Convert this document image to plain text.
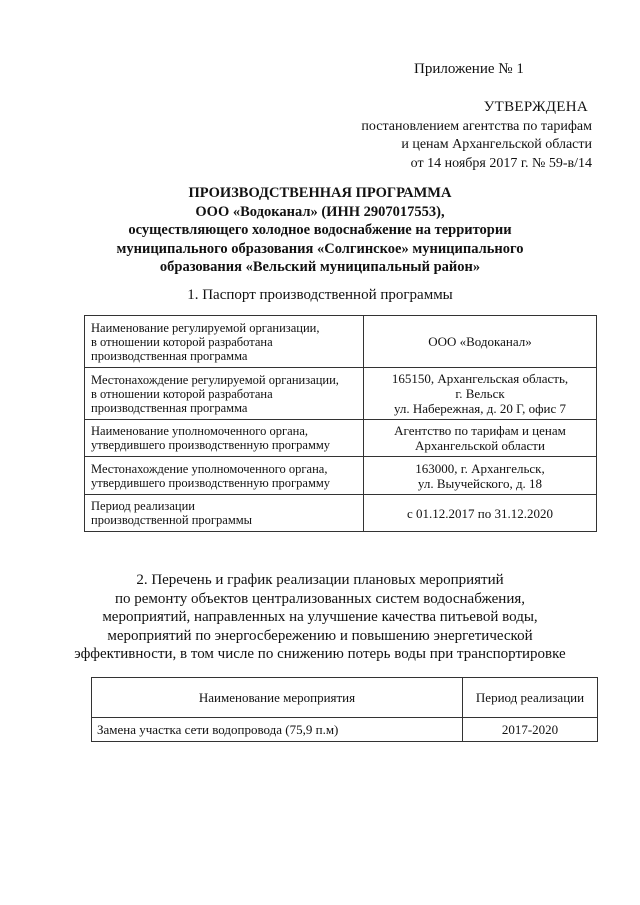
Приложение № 1
УТВЕРЖДЕНА
постановлением агентства по тарифам
и ценам Архангельской области
от 14 ноября 2017 г. № 59-в/14
ПРОИЗВОДСТВЕННАЯ ПРОГРАММА
ООО «Водоканал» (ИНН 2907017553),
осуществляющего холодное водоснабжение на территории
муниципального образования «Солгинское» муниципального
образования «Вельский муниципальный район»
1. Паспорт производственной программы
Наименование регулируемой организации,
в отношении которой разработана
производственная программа	ООО «Водоканал»

Местонахождение регулируемой организации,
в отношении которой разработана
производственная программа	165150, Архангельская область,
г. Вельск
ул. Набережная, д. 20 Г, офис 7

Наименование уполномоченного органа,
утвердившего производственную программу	Агентство по тарифам и ценам
Архангельской области

Местонахождение уполномоченного органа,
утвердившего производственную программу	163000, г. Архангельск,
ул. Выучейского, д. 18

Период реализации
производственной программы	с 01.12.2017 по 31.12.2020
2. Перечень и график реализации плановых мероприятий
по ремонту объектов централизованных систем водоснабжения,
мероприятий, направленных на улучшение качества питьевой воды,
мероприятий по энергосбережению и повышению энергетической
эффективности, в том числе по снижению потерь воды при транспортировке
Наименование мероприятия	Период реализации
Замена участка сети водопровода (75,9 п.м)	2017-2020
